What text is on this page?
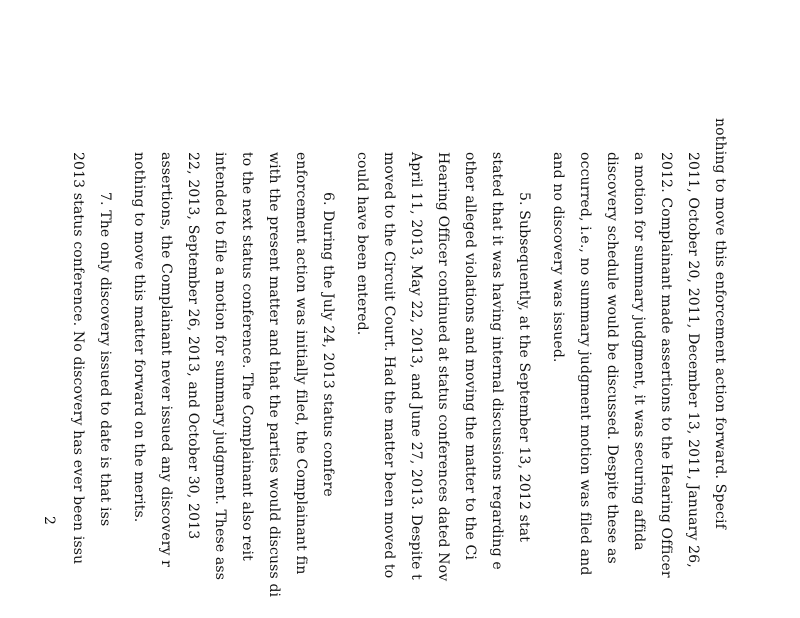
nothing to move this enforcement action forward. Specif
2011, October 20, 2011, December 13, 2011, January 26,
2012. Complainant made assertions to the Hearing Officer
a motion for summary judgment, it was securing affida
discovery schedule would be discussed. Despite these as
occurred, i.e., no summary judgment motion was filed and
and no discovery was issued.
5. Subsequently, at the September 13, 2012 stat
stated that it was having internal discussions regarding e
other alleged violations and moving the matter to the Ci
Hearing Officer continued at status conferences dated Nov
April 11, 2013, May 22, 2013, and June 27, 2013. Despite t
moved to the Circuit Court. Had the matter been moved to
could have been entered.
6. During the July 24, 2013 status confere
enforcement action was initially filed, the Complainant fin
with the present matter and that the parties would discuss di
to the next status conference. The Complainant also reit
intended to file a motion for summary judgment. These ass
22, 2013, September 26, 2013, and October 30, 2013
assertions, the Complainant never issued any discovery r
nothing to move this matter forward on the merits.
7. The only discovery issued to date is that iss
2013 status conference. No discovery has ever been issu
2
